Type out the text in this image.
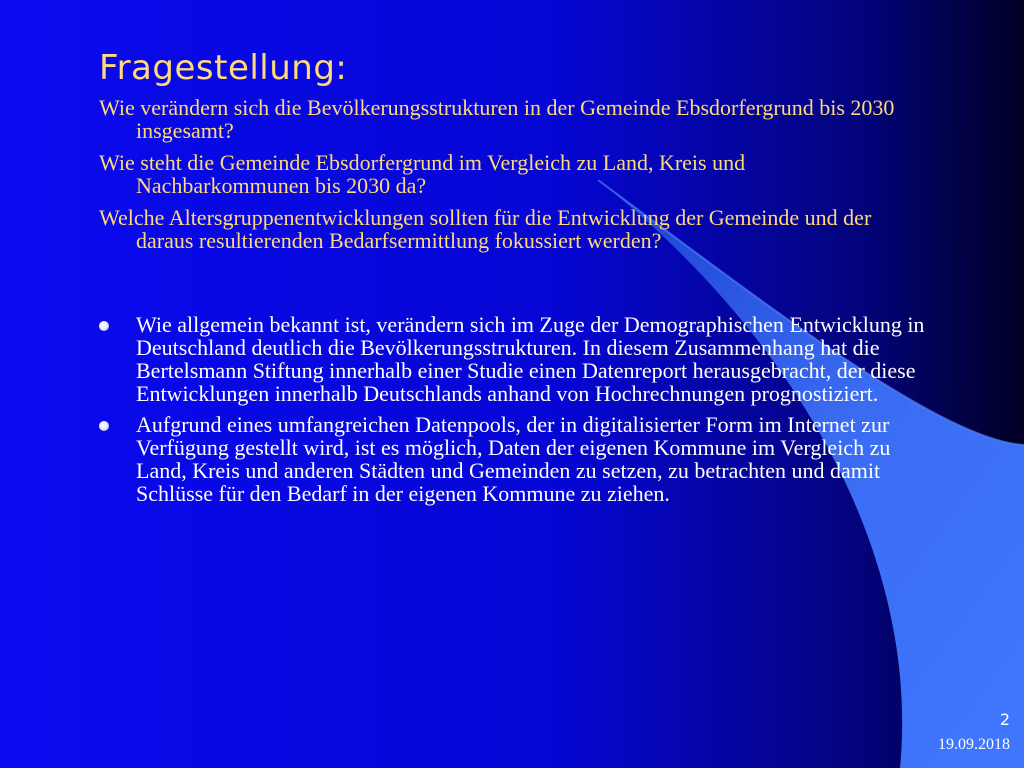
Fragestellung:
Wie verändern sich die Bevölkerungsstrukturen in der Gemeinde Ebsdorfergrund bis 2030 insgesamt?
Wie steht die Gemeinde Ebsdorfergrund im Vergleich zu Land, Kreis und Nachbarkommunen bis 2030 da?
Welche Altersgruppenentwicklungen sollten für die Entwicklung der Gemeinde und der daraus resultierenden Bedarfsermittlung fokussiert werden?
Wie allgemein bekannt ist, verändern sich im Zuge der Demographischen Entwicklung in Deutschland deutlich die Bevölkerungsstrukturen. In diesem Zusammenhang hat die Bertelsmann Stiftung innerhalb einer Studie einen Datenreport herausgebracht, der diese Entwicklungen innerhalb Deutschlands anhand von Hochrechnungen prognostiziert.
Aufgrund eines umfangreichen Datenpools, der in digitalisierter Form im Internet zur Verfügung gestellt wird, ist es möglich, Daten der eigenen Kommune im Vergleich zu Land, Kreis und anderen Städten und Gemeinden zu setzen, zu betrachten und damit Schlüsse für den Bedarf in der eigenen Kommune zu ziehen.
2
19.09.2018
